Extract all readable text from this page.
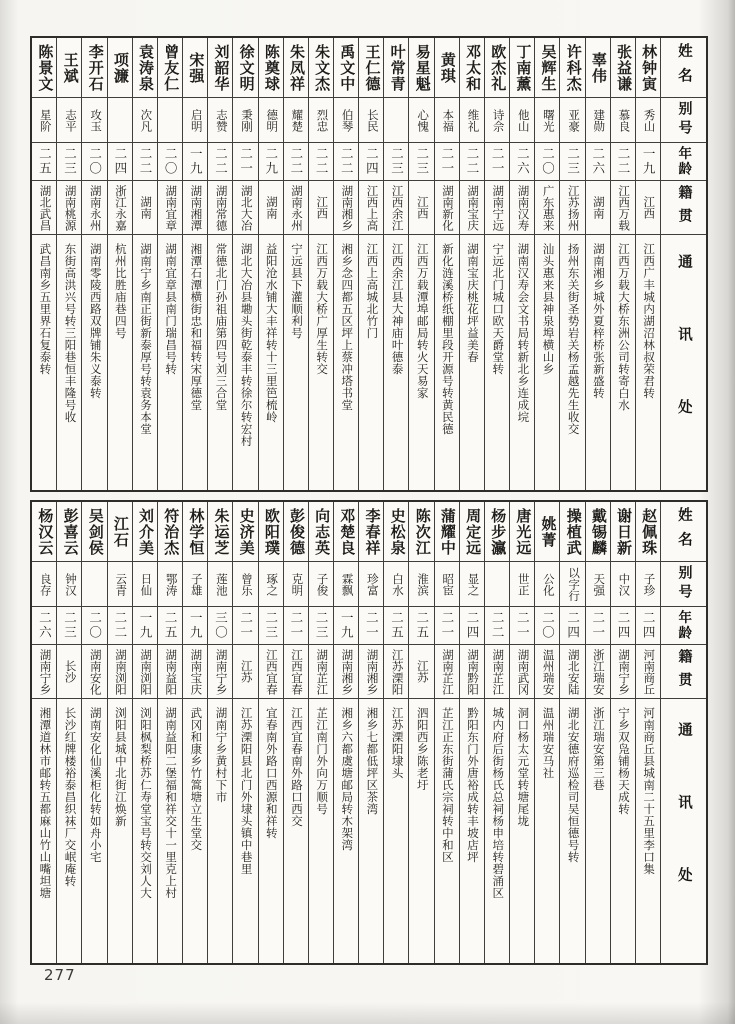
姓名
别号
年龄
籍贯
通讯处
林钟寅
秀山
一九
江西
江西广丰城内湖沼林叔荣君转
张益谦
慕良
二二
江西万载
江西万载大桥东洲公司转寄白水
辜伟
建勋
二六
湖南
湖南湘乡城外夏梓桥张新盛转
许科杰
亚豪
二三
江苏扬州
扬州东关街圣势岩关杨孟越先生收交
吴辉生
曙光
二〇
广东惠来
汕头惠来县神泉埠横山乡
丁南薰
他山
二六
湖南汉寿
湖南汉寿会文书局转新北乡连成垸
欧杰礼
诗佘
二一
湖南宁远
宁远北门城口欧天爵堂转
邓太和
维礼
二二
湖南宝庆
湖南宝庆桃花坪益美春
黄琪
本福
二一
湖南新化
新化涟溪桥纸棚里段开源号转黄民德
易星魁
心愧
二三
江西
江西万载潭埠邮局转火天易家
叶常青
二三
江西余江
江西余江县大神庙叶德泰
王仁德
长民
二四
江西上高
江西上高城北竹门
禹文中
伯琴
二二
湖南湘乡
湘乡念四都五区坪上蔡冲塔书堂
朱文杰
烈忠
二二
江西
江西万载大桥广厚生转交
朱凤祥
耀楚
二二
湖南永州
宁远县下灌顺利号
陈奠球
德明
二九
湖南
益阳沧水铺大丰祥转十三里笆梳岭
徐文明
秉刚
二一
湖北大冶
湖北大冶县墈头街乾泰丰转徐尔转宏村
刘韶华
志赞
二二
湖南常德
常德北门孙祖庙第四号刘三合堂
宋强
启明
一九
湖南湘潭
湘潭石潭横街忠和福转宋厚德堂
曾友仁
二〇
湖南宜章
湖南宜章县南门瑞昌号转
袁涛泉
次凡
二二
湖南
湖南宁乡南正街新泰厚号转袁务本堂
项濂
二四
浙江永嘉
杭州比胜庙巷四号
李开石
攻玉
二〇
湖南永州
湖南零陵西路双牌铺朱义泰转
王斌
志平
二三
湖南桃源
东街高洪兴号转三阳巷恒丰隆号收
陈景文
星阶
二五
湖北武昌
武昌南乡五里界石复泰转
姓名
别号
年龄
籍贯
通讯处
赵佩珠
子珍
二四
河南商丘
河南商丘县城南二十五里李口集
谢日新
中汉
二四
湖南宁乡
宁乡双凫铺杨天成转
戴锡麟
天强
二一
浙江瑞安
浙江瑞安第三巷
操植武
以字行
二四
湖北安陆
湖北安德府巡检司吴恒德号转
姚菁
公化
二〇
温州瑞安
温州瑞安马社
唐光远
世正
二一
湖南武冈
洞口杨太元堂转塘尾垅
杨步瀛
二二
湖南芷江
城内府后街杨氏总祠杨申培转碧涌区
周定远
显之
二四
湖南黔阳
黔阳东门外唐裕成转丰坡店坪
蒲耀中
昭宦
二一
湖南芷江
芷江正东街蒲氏宗祠转中和区
陈次江
淮滨
二五
江苏
泗阳西乡陈老圩
史松泉
白水
二五
江苏溧阳
江苏溧阳埭头
李春祥
珍富
二一
湖南湘乡
湘乡七都低坪区茶湾
邓楚良
霖飘
一九
湖南湘乡
湘乡六都虞塘邮局转木架湾
向志英
子俊
二三
湖南芷江
芷江南门外向万顺号
彭俊德
克明
二一
江西宜春
江西宜春南外路口西交
欧阳璞
琢之
二三
江西宜春
宜春南外路口西源和祥转
史济美
曾乐
二一
江苏
江苏溧阳县北门外埭头镇中巷里
朱运芝
莲池
三〇
湖南宁乡
湖南宁乡黄村下市
林学恒
子雄
一九
湖南宝庆
武冈和康乡竹篙塘立生堂交
符治杰
鄂涛
二五
湖南益阳
湖南益阳二堡福和祥交十一里克上村
刘介美
日仙
一九
湖南浏阳
浏阳枫梨桥苏仁寿堂宝号转交刘人大
江石
云青
二二
湖南浏阳
浏阳县城中北街江焕新
吴剑侯
二〇
湖南安化
湖南安化仙溪柜化转如舟小宅
彭喜云
钟汉
二三
长沙
长沙红牌楼裕泰昌织袜厂交岷庵转
杨汉云
良存
二六
湖南宁乡
湘潭道林市邮转五都麻山竹山嘴坦塘
277
